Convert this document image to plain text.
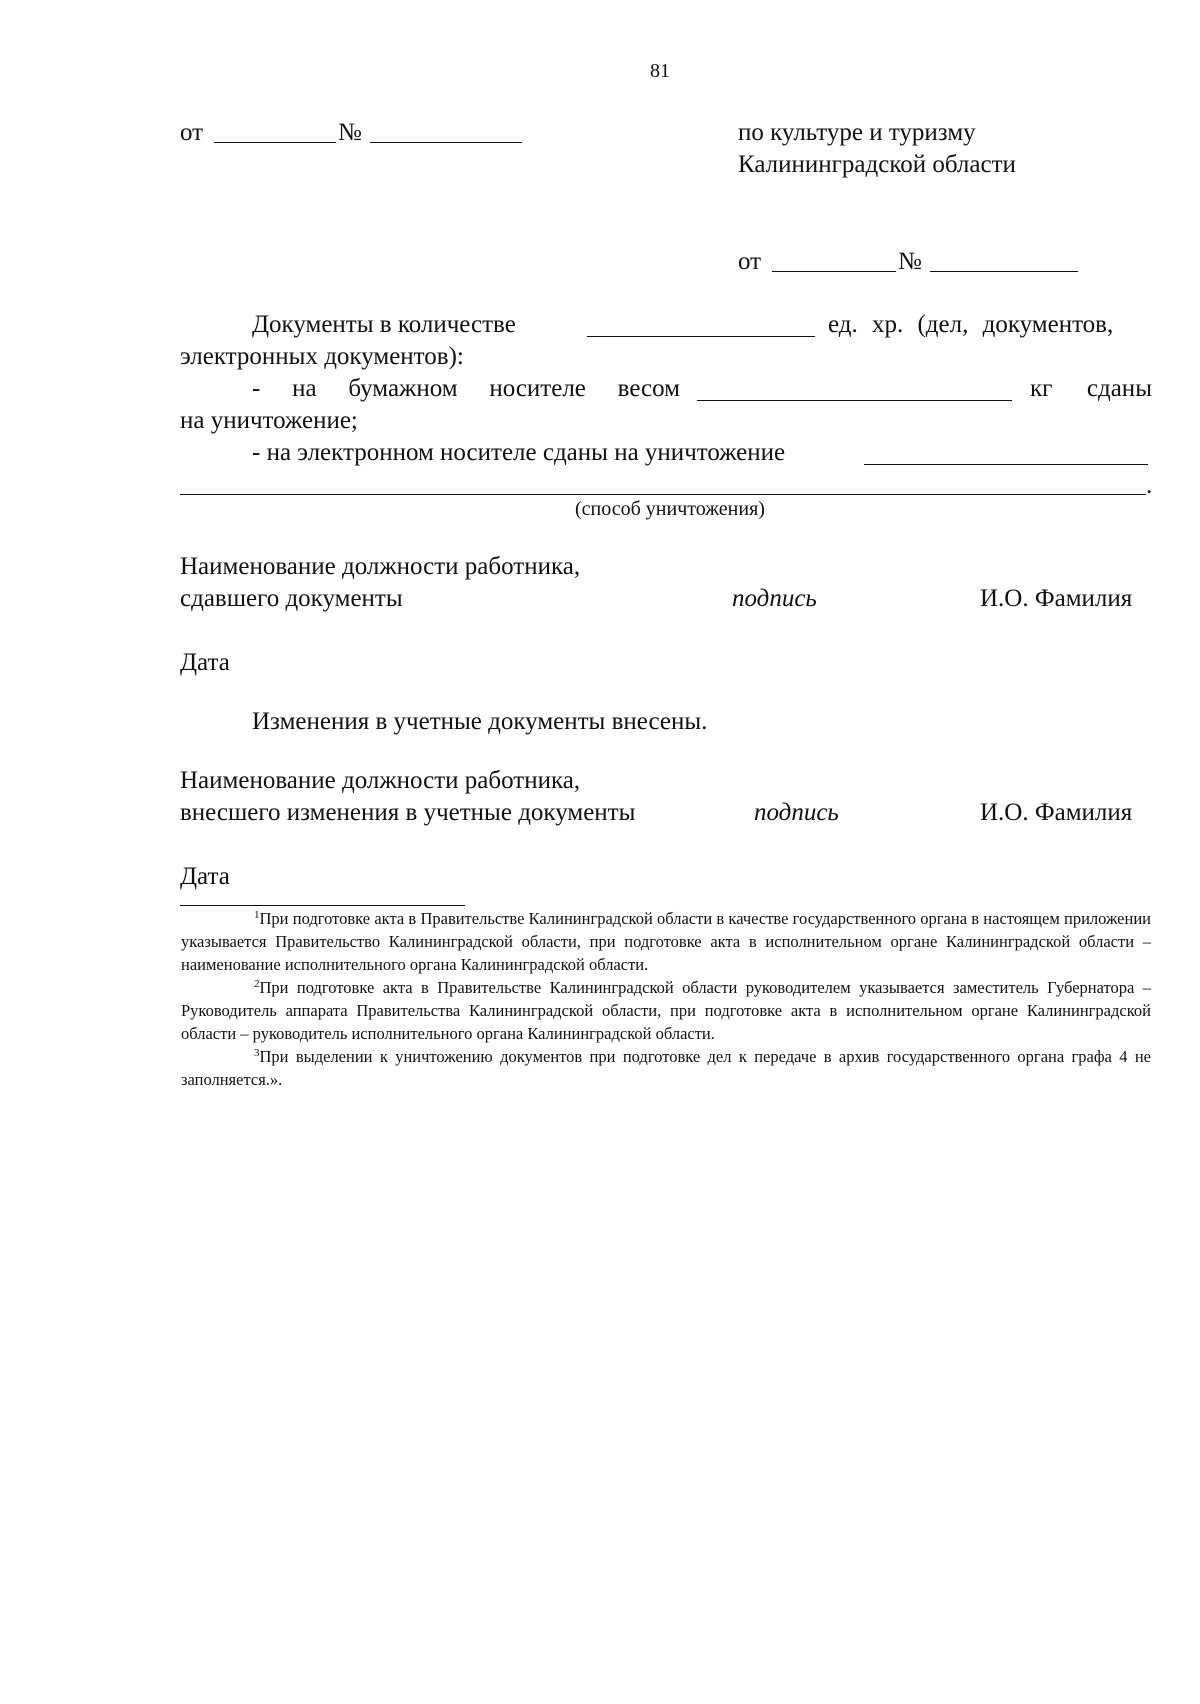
81
от	№	по культуре и туризму
Калининградской области
от	№
Документы в количестве	ед. хр. (дел, документов,
электронных документов):
- на бумажном носителе весом	кг сданы
на уничтожение;
- на электронном носителе сданы на уничтожение
.
(способ уничтожения)
Наименование должности работника,
сдавшего документы	подпись	И.О. Фамилия
Дата
Изменения в учетные документы внесены.
Наименование должности работника,
внесшего изменения в учетные документы	подпись	И.О. Фамилия
Дата

$^1$При подготовке акта в Правительстве Калининградской области в качестве государственного органа в настоящем приложении указывается Правительство Калининградской области, при подготовке акта в исполнительном органе Калининградской области – наименование исполнительного органа Калининградской области.

$^2$При подготовке акта в Правительстве Калининградской области руководителем указывается заместитель Губернатора – Руководитель аппарата Правительства Калининградской области, при подготовке акта в исполнительном органе Калининградской области – руководитель исполнительного органа Калининградской области.

$^3$При выделении к уничтожению документов при подготовке дел к передаче в архив государственного органа графа 4 не заполняется.».
